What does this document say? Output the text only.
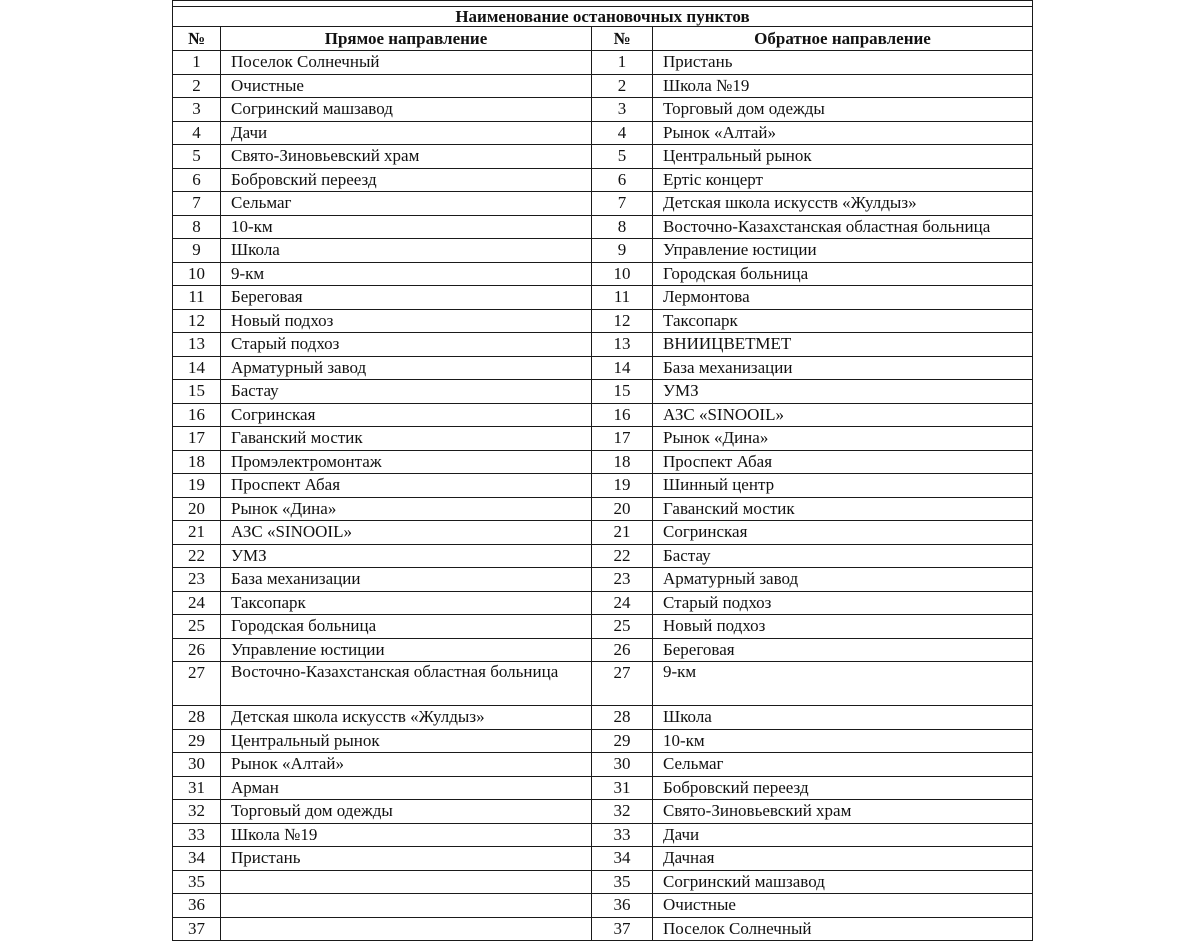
Наименование остановочных пунктов			
№	Прямое направление	№	Обратное направление
1	Поселок Солнечный	1	Пристань
2	Очистные	2	Школа №19
3	Согринский машзавод	3	Торговый дом одежды
4	Дачи	4	Рынок «Алтай»
5	Свято-Зиновьевский храм	5	Центральный рынок
6	Бобровский переезд	6	Ертіс концерт
7	Сельмаг	7	Детская школа искусств «Жулдыз»
8	10-км	8	Восточно-Казахстанская областная больница
9	Школа	9	Управление юстиции
10	9-км	10	Городская больница
11	Береговая	11	Лермонтова
12	Новый подхоз	12	Таксопарк
13	Старый подхоз	13	ВНИИЦВЕТМЕТ
14	Арматурный завод	14	База механизации
15	Бастау	15	УМЗ
16	Согринская	16	АЗС «SINOOIL»
17	Гаванский мостик	17	Рынок «Дина»
18	Промэлектромонтаж	18	Проспект Абая
19	Проспект Абая	19	Шинный центр
20	Рынок «Дина»	20	Гаванский мостик
21	АЗС «SINOOIL»	21	Согринская
22	УМЗ	22	Бастау
23	База механизации	23	Арматурный завод
24	Таксопарк	24	Старый подхоз
25	Городская больница	25	Новый подхоз
26	Управление юстиции	26	Береговая
27	Восточно-Казахстанская областная больница	27	9-км
28	Детская школа искусств «Жулдыз»	28	Школа
29	Центральный рынок	29	10-км
30	Рынок «Алтай»	30	Сельмаг
31	Арман	31	Бобровский переезд
32	Торговый дом одежды	32	Свято-Зиновьевский храм
33	Школа №19	33	Дачи
34	Пристань	34	Дачная
35		35	Согринский машзавод
36		36	Очистные
37		37	Поселок Солнечный
